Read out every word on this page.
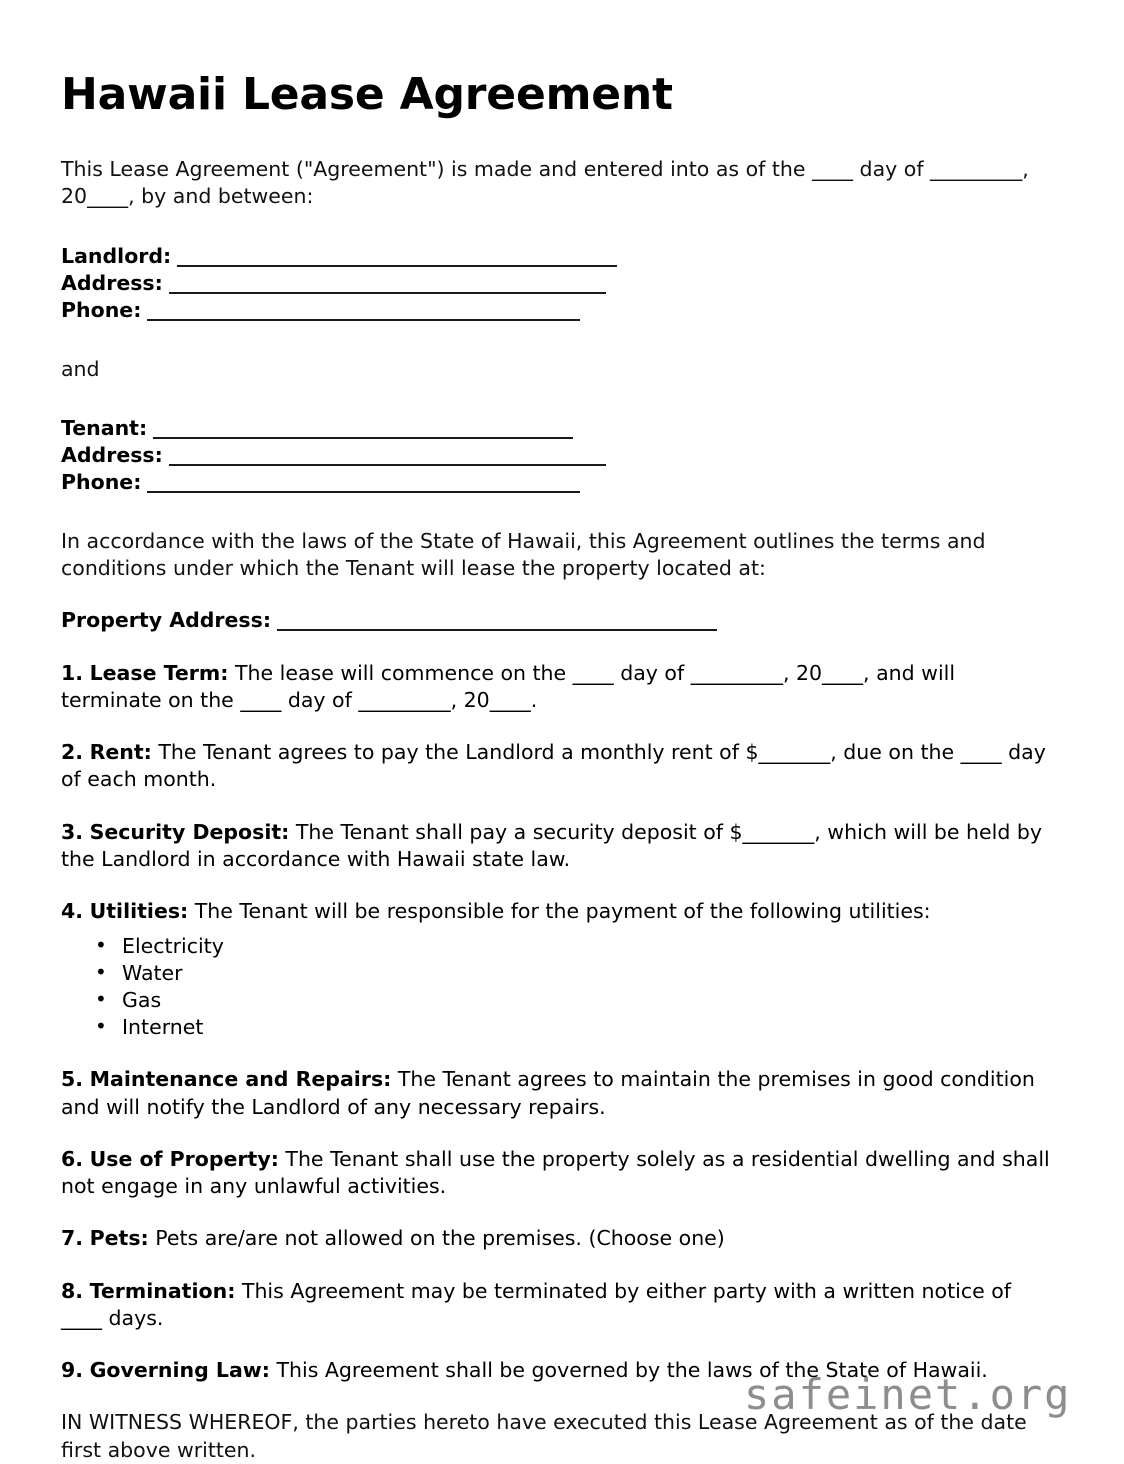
Hawaii Lease Agreement

This Lease Agreement ("Agreement") is made and entered into as of the ____ day of _________, 20____, by and between:

Landlord:
Address:
Phone:

and

Tenant:
Address:
Phone:

In accordance with the laws of the State of Hawaii, this Agreement outlines the terms and conditions under which the Tenant will lease the property located at:

Property Address:

1. Lease Term: The lease will commence on the ____ day of _________, 20____, and will terminate on the ____ day of _________, 20____.

2. Rent: The Tenant agrees to pay the Landlord a monthly rent of $_______, due on the ____ day of each month.

3. Security Deposit: The Tenant shall pay a security deposit of $_______, which will be held by the Landlord in accordance with Hawaii state law.

4. Utilities: The Tenant will be responsible for the payment of the following utilities:

• Electricity
• Water
• Gas
• Internet

5. Maintenance and Repairs: The Tenant agrees to maintain the premises in good condition and will notify the Landlord of any necessary repairs.

6. Use of Property: The Tenant shall use the property solely as a residential dwelling and shall not engage in any unlawful activities.

7. Pets: Pets are/are not allowed on the premises. (Choose one)

8. Termination: This Agreement may be terminated by either party with a written notice of ____ days.

9. Governing Law: This Agreement shall be governed by the laws of the State of Hawaii.

IN WITNESS WHEREOF, the parties hereto have executed this Lease Agreement as of the date first above written.

safeinet.org
